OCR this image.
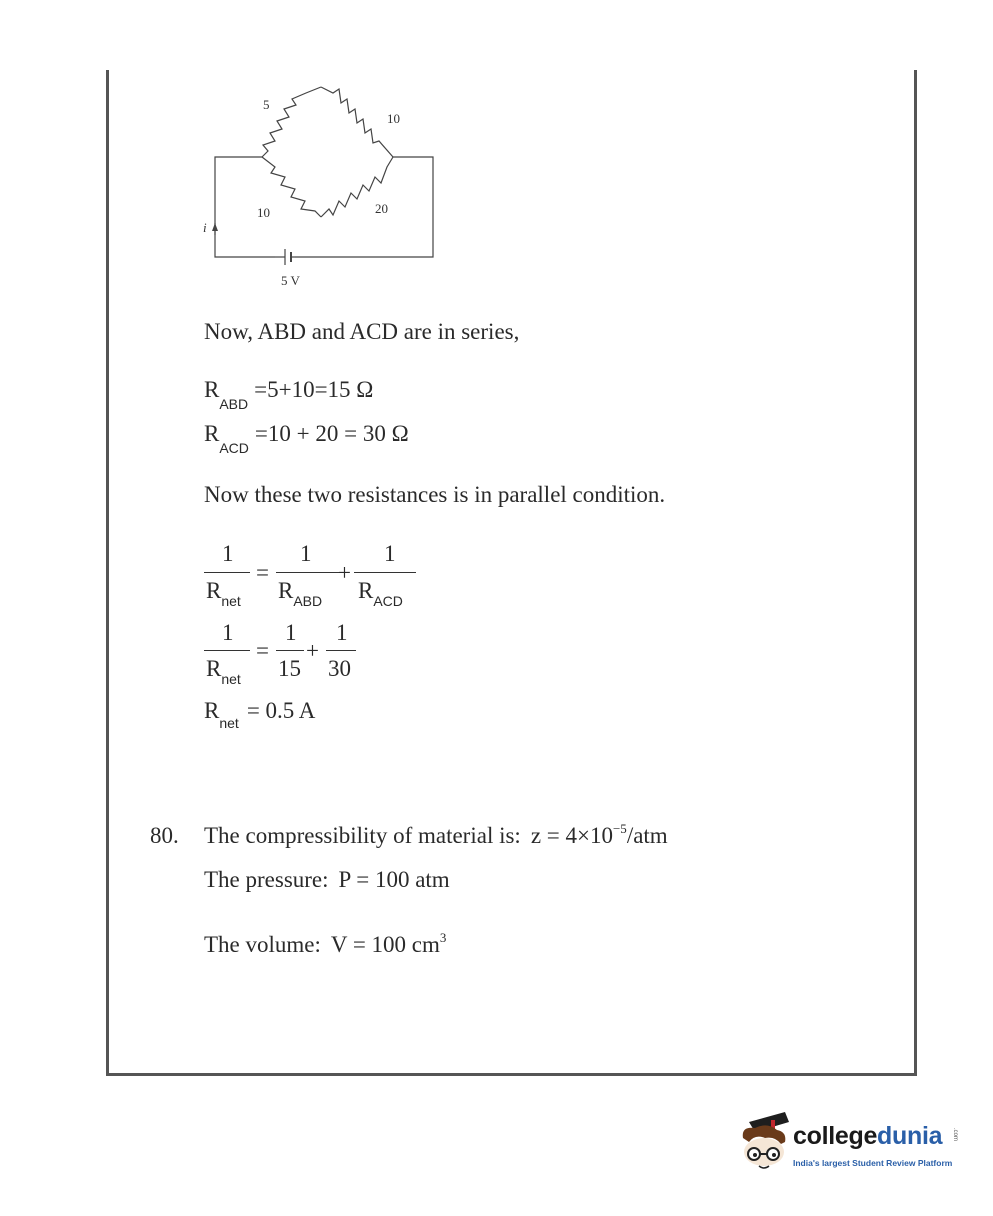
5
10
10	20
5 V
i
Now, ABD and ACD are in series,
RABD =5+10=15 Ω
RACD =10 + 20 = 30 Ω
Now these two resistances is in parallel condition.
1
Rnet
=
1
RABD
+
1
RACD
1
Rnet
=
1
15
+
1
30
Rnet = 0.5 A
80. The compressibility of material is: $z = 4\times 10^{-5}$/atm
The pressure: P = 100 atm
The volume: V = 100 $cm^3$
collegedunia .com
India's largest Student Review Platform
